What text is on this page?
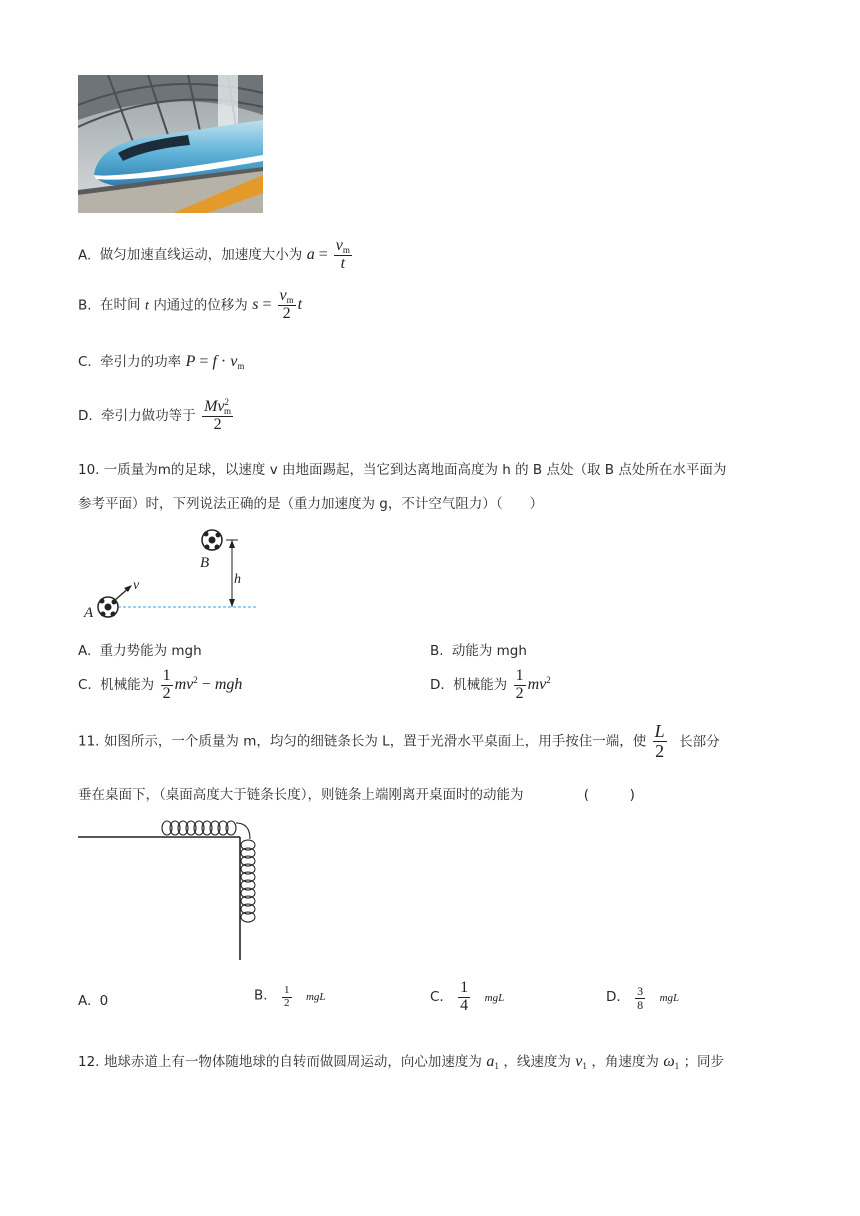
A. 做匀加速直线运动，加速度大小为 $a = \frac{v_m}{t}$
B. 在时间 t 内通过的位移为 $s = \frac{v_m}{2}$ t
C. 牵引力的功率 $P = f \cdot v_m$
D. 牵引力做功等于 $\frac{Mv^2_m}{2}$
10. 一质量为m的足球，以速度 v 由地面踢起，当它到达离地面高度为 h 的 B 点处（取 B 点处所在水平面为
参考平面）时，下列说法正确的是（重力加速度为 g，不计空气阻力）（　　）
A
B
v	h
A. 重力势能为 mgh	B. 动能为 mgh
C. 机械能为 $\frac{1}{2} mv^2$ − mgh	D. 机械能为 $\frac{1}{2} mv^2$
11. 如图所示，一个质量为 m，均匀的细链条长为 L，置于光滑水平桌面上，用手按住一端，使 $\frac{L}{2}$ 长部分
垂在桌面下，（桌面高度大于链条长度），则链条上端刚离开桌面时的动能为	(　　　)
A. 0	B. $\frac{1}{2}$ mgL	C. $\frac{1}{4}$ mgL	D. $\frac{3}{8}$ mgL
12. 地球赤道上有一物体随地球的自转而做圆周运动，向心加速度为 $a_1$ ，线速度为 $v_1$ ，角速度为 $\omega_1$ ；同步
